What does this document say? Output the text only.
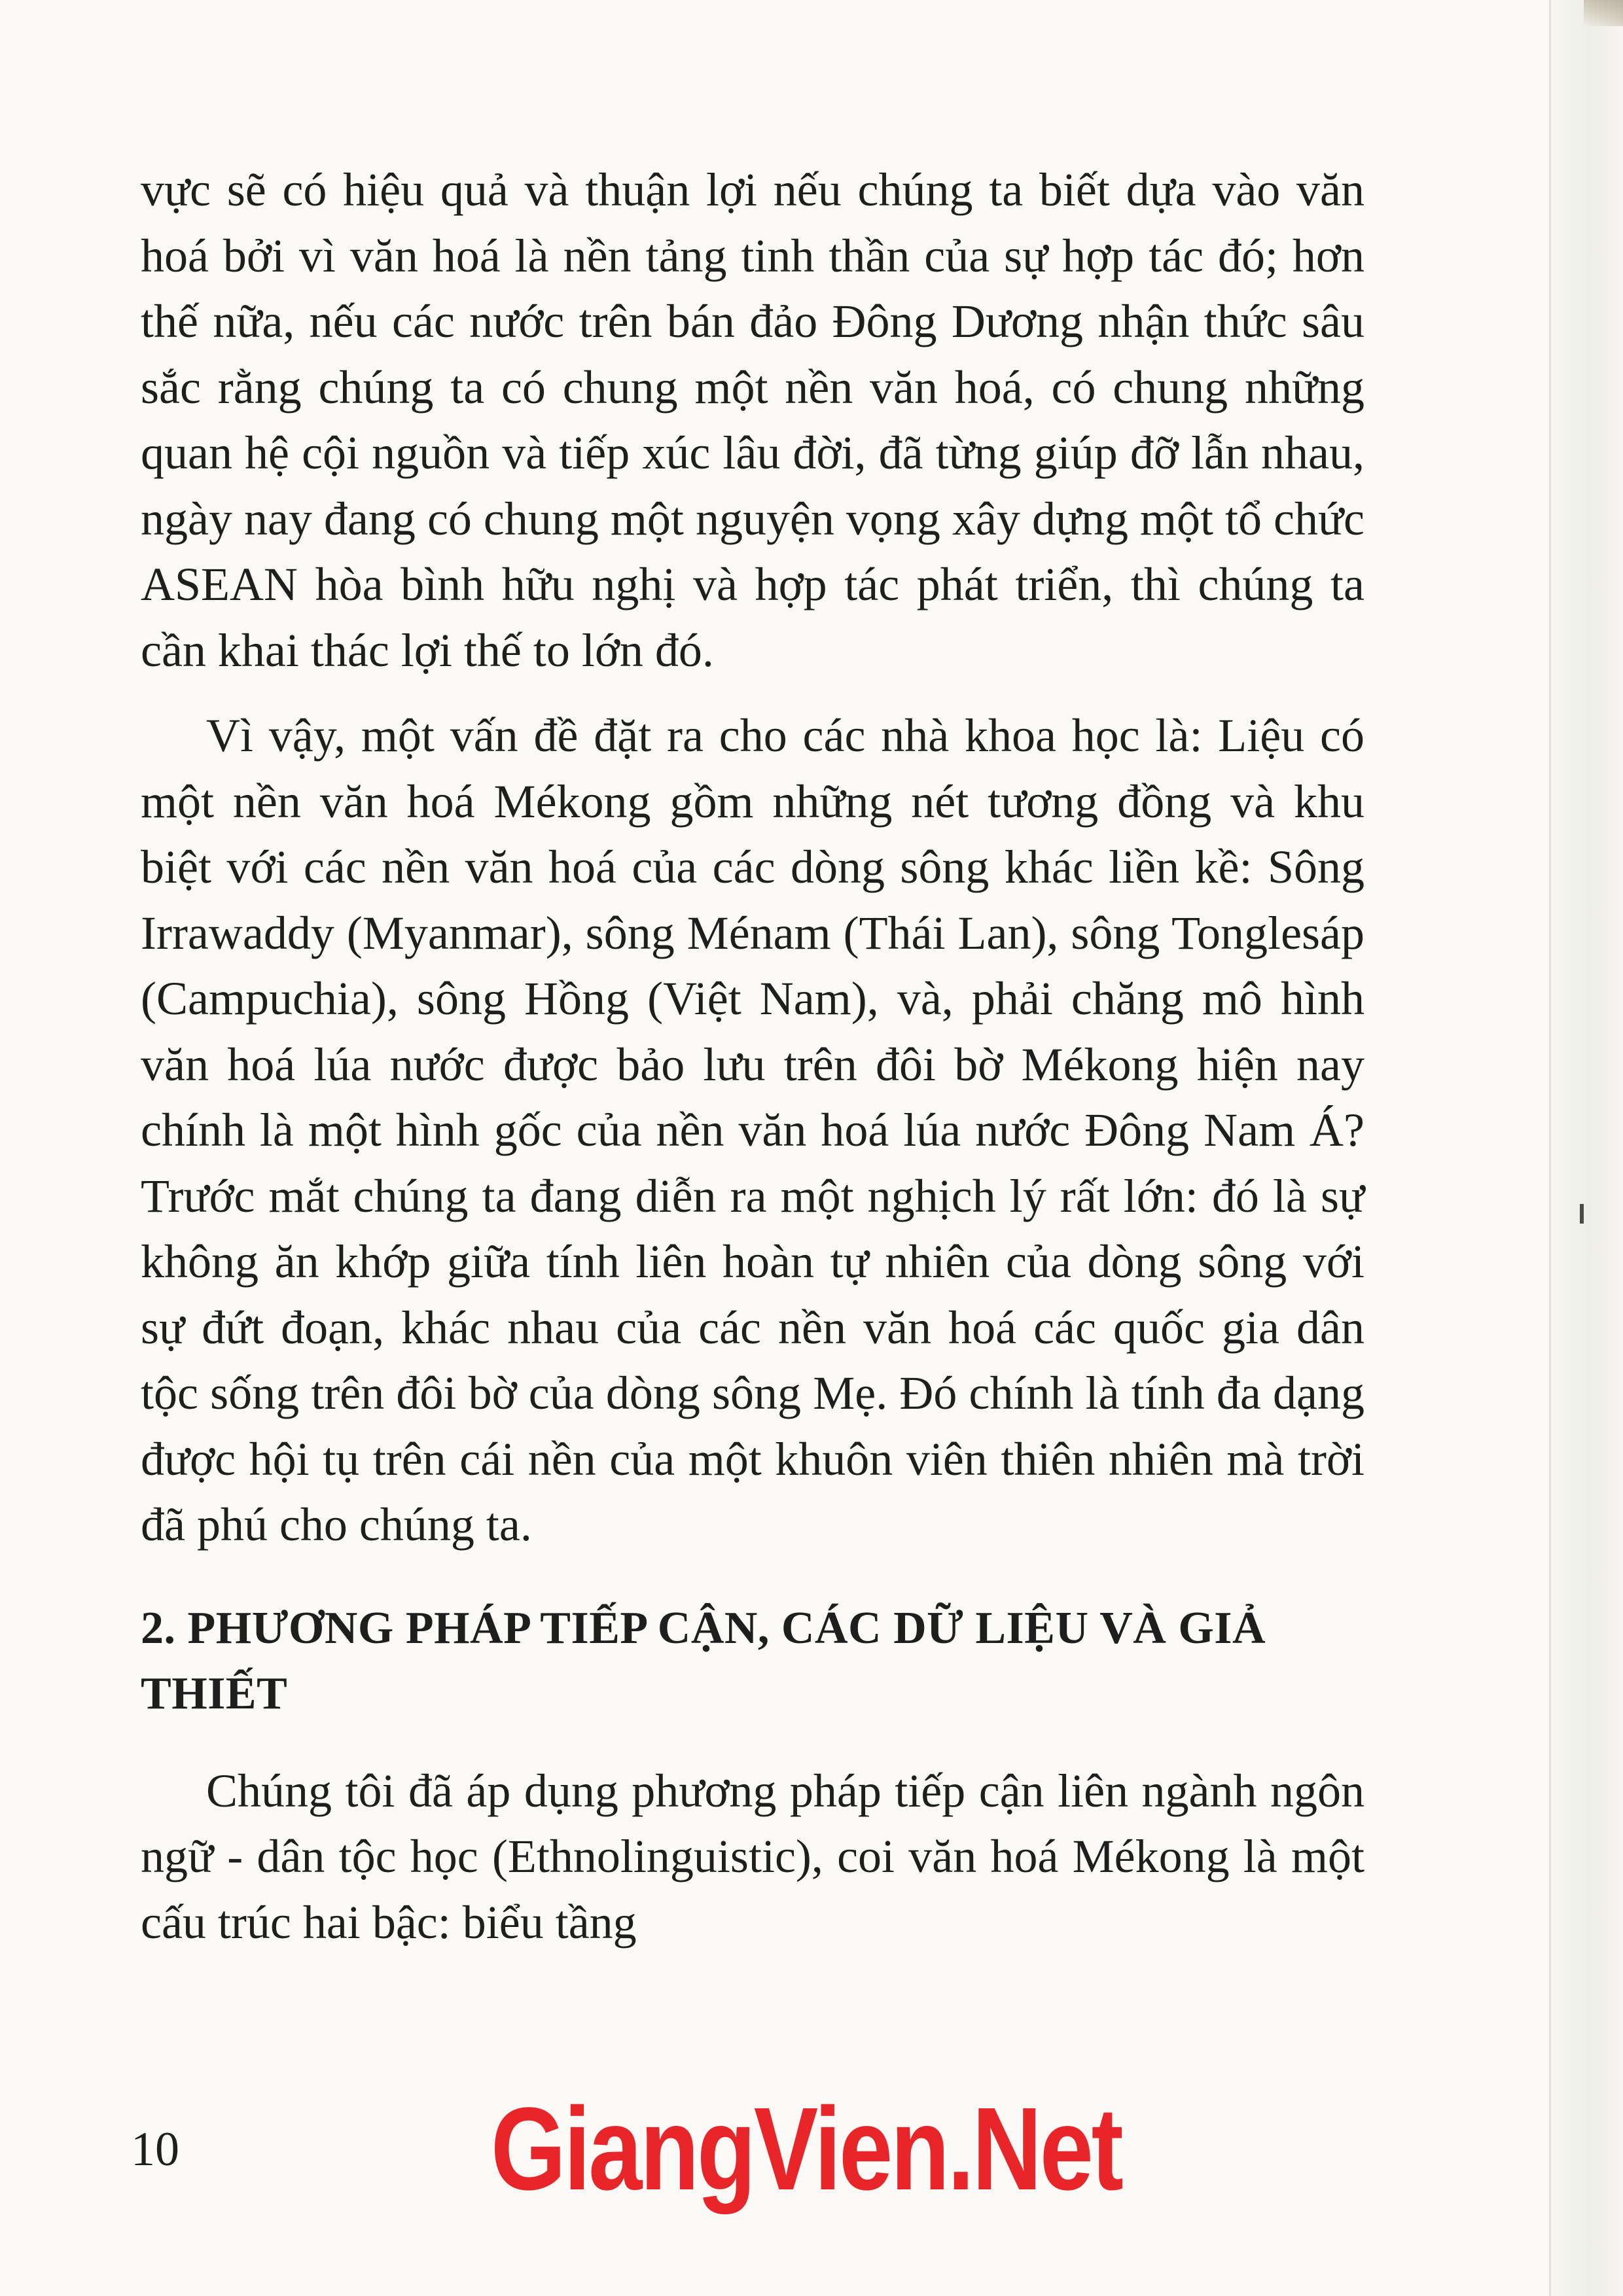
vực sẽ có hiệu quả và thuận lợi nếu chúng ta biết dựa vào văn hoá bởi vì văn hoá là nền tảng tinh thần của sự hợp tác đó; hơn thế nữa, nếu các nước trên bán đảo Đông Dương nhận thức sâu sắc rằng chúng ta có chung một nền văn hoá, có chung những quan hệ cội nguồn và tiếp xúc lâu đời, đã từng giúp đỡ lẫn nhau, ngày nay đang có chung một nguyện vọng xây dựng một tổ chức ASEAN hòa bình hữu nghị và hợp tác phát triển, thì chúng ta cần khai thác lợi thế to lớn đó.

Vì vậy, một vấn đề đặt ra cho các nhà khoa học là: Liệu có một nền văn hoá Mékong gồm những nét tương đồng và khu biệt với các nền văn hoá của các dòng sông khác liền kề: Sông Irrawaddy (Myanmar), sông Ménam (Thái Lan), sông Tonglesáp (Campuchia), sông Hồng (Việt Nam), và, phải chăng mô hình văn hoá lúa nước được bảo lưu trên đôi bờ Mékong hiện nay chính là một hình gốc của nền văn hoá lúa nước Đông Nam Á? Trước mắt chúng ta đang diễn ra một nghịch lý rất lớn: đó là sự không ăn khớp giữa tính liên hoàn tự nhiên của dòng sông với sự đứt đoạn, khác nhau của các nền văn hoá các quốc gia dân tộc sống trên đôi bờ của dòng sông Mẹ. Đó chính là tính đa dạng được hội tụ trên cái nền của một khuôn viên thiên nhiên mà trời đã phú cho chúng ta.

2. PHƯƠNG PHÁP TIẾP CẬN, CÁC DỮ LIỆU VÀ GIẢ THIẾT

Chúng tôi đã áp dụng phương pháp tiếp cận liên ngành ngôn ngữ - dân tộc học (Ethnolinguistic), coi văn hoá Mékong là một cấu trúc hai bậc: biểu tầng

10	GiangVien.Net
